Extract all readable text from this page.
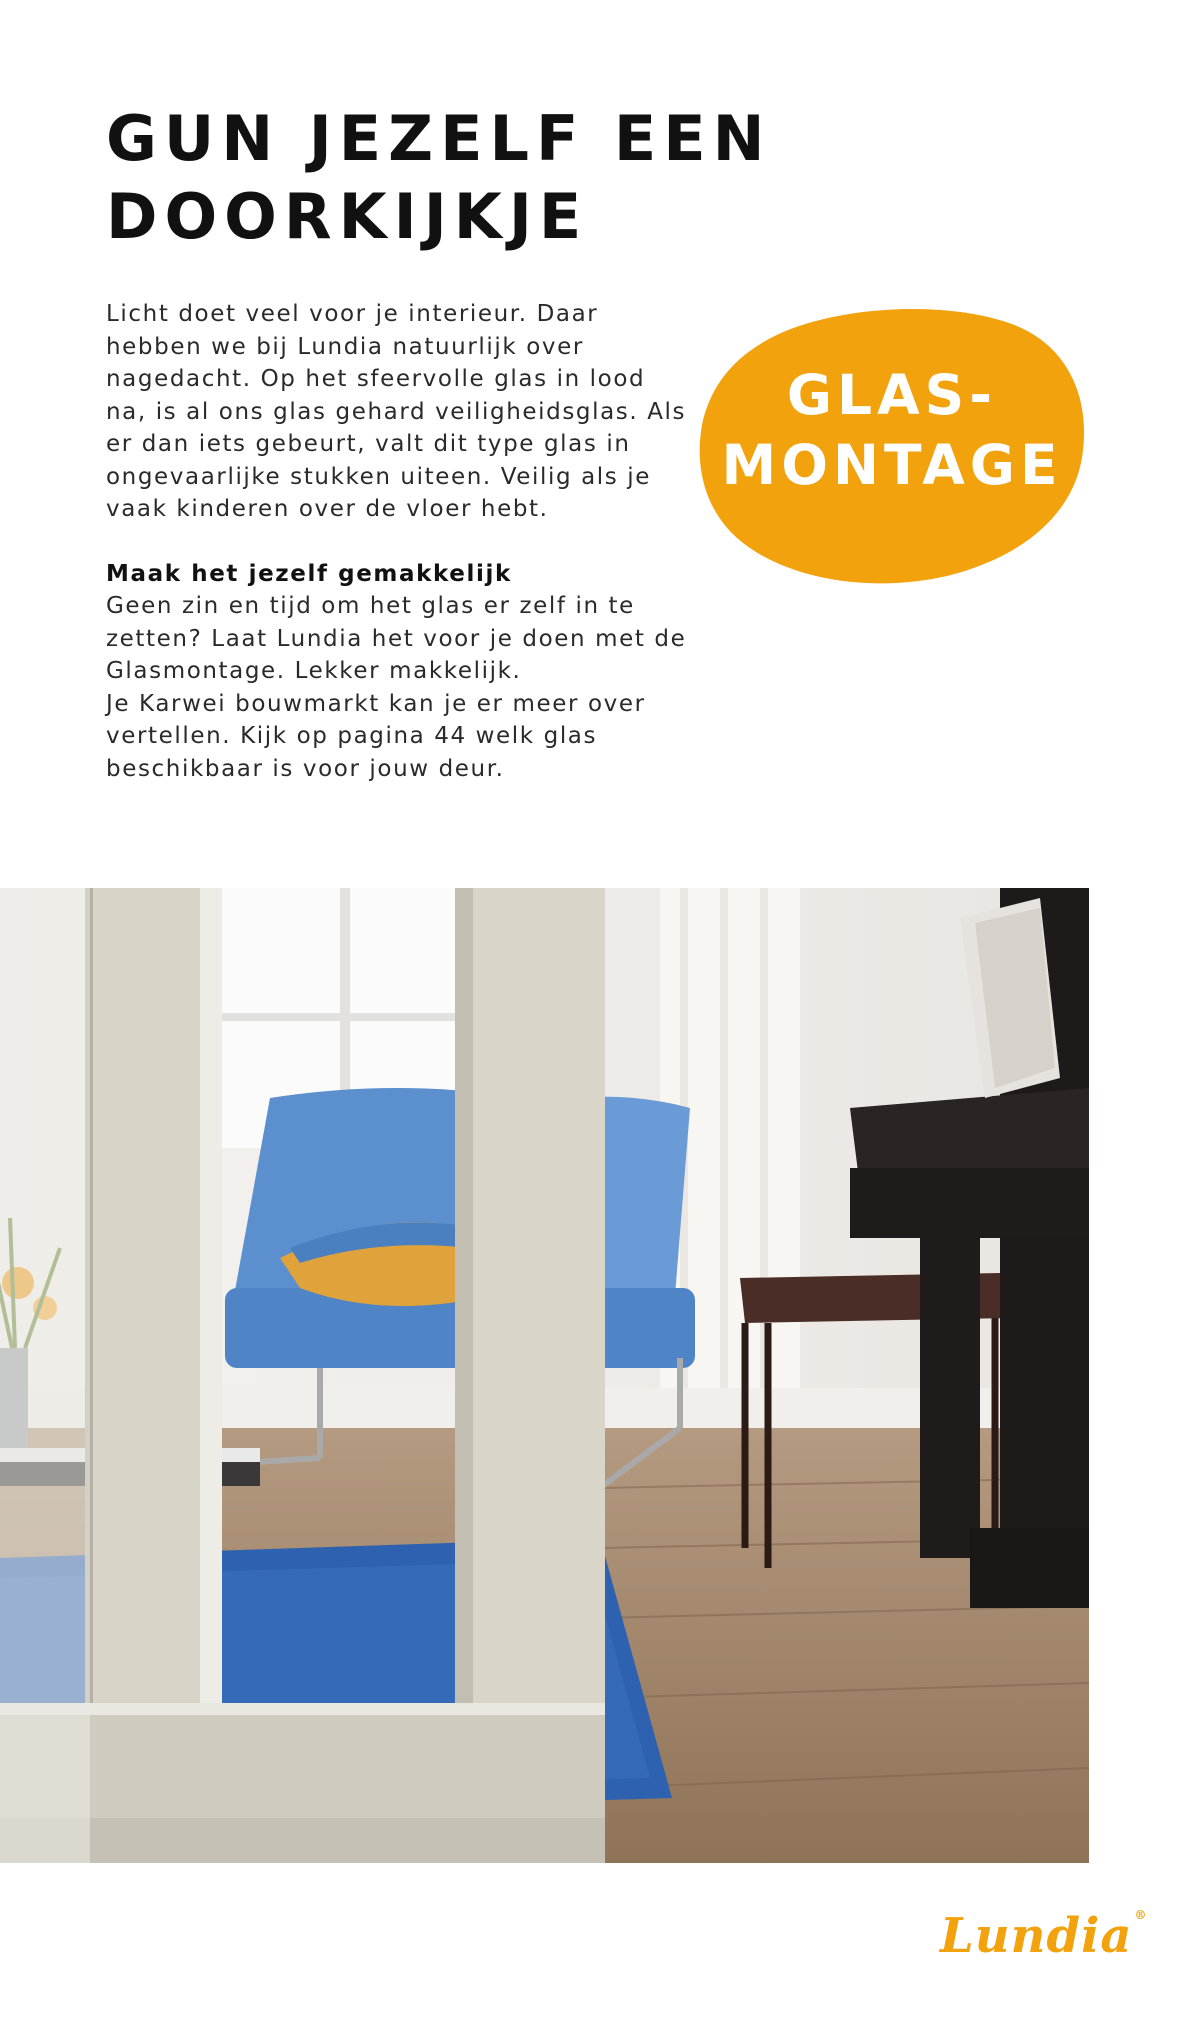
GUN JEZELF EEN
DOORKIJKJE
Licht doet veel voor je interieur. Daar
hebben we bij Lundia natuurlijk over
nagedacht. Op het sfeervolle glas in lood
na, is al ons glas gehard veiligheidsglas. Als
er dan iets gebeurt, valt dit type glas in
ongevaarlijke stukken uiteen. Veilig als je
vaak kinderen over de vloer hebt.
Maak het jezelf gemakkelijk
Geen zin en tijd om het glas er zelf in te
zetten? Laat Lundia het voor je doen met de
Glasmontage. Lekker makkelijk.
Je Karwei bouwmarkt kan je er meer over
vertellen. Kijk op pagina 44 welk glas
beschikbaar is voor jouw deur.
GLAS-
MONTAGE
Lundia ®
